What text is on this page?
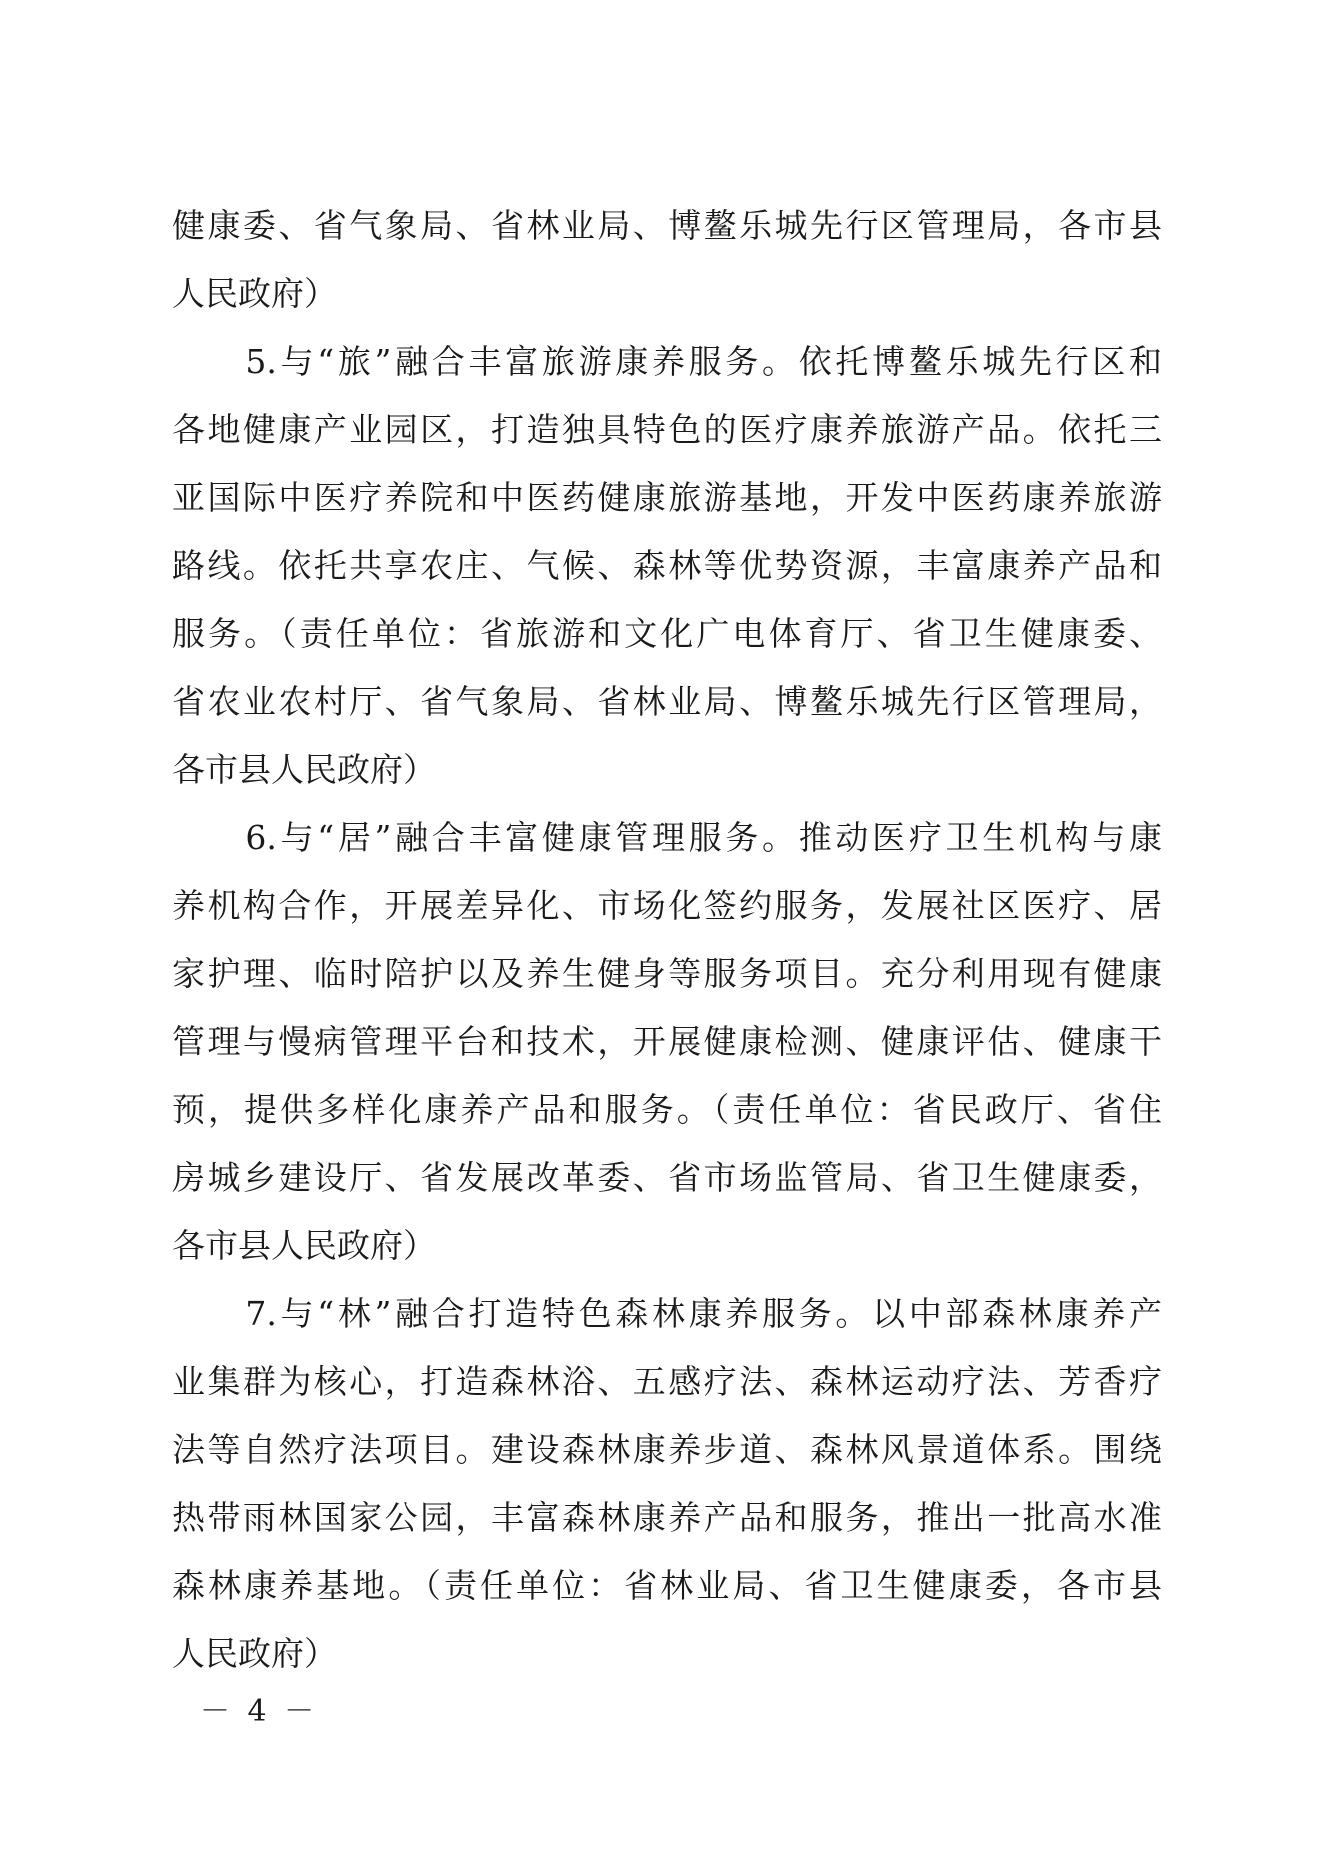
健康委、省气象局、省林业局、博鳌乐城先行区管理局，各市县
人民政府）
　　5.与“旅”融合丰富旅游康养服务。依托博鳌乐城先行区和
各地健康产业园区，打造独具特色的医疗康养旅游产品。依托三
亚国际中医疗养院和中医药健康旅游基地，开发中医药康养旅游
路线。依托共享农庄、气候、森林等优势资源，丰富康养产品和
服务。（责任单位：省旅游和文化广电体育厅、省卫生健康委、
省农业农村厅、省气象局、省林业局、博鳌乐城先行区管理局，
各市县人民政府）
　　6.与“居”融合丰富健康管理服务。推动医疗卫生机构与康
养机构合作，开展差异化、市场化签约服务，发展社区医疗、居
家护理、临时陪护以及养生健身等服务项目。充分利用现有健康
管理与慢病管理平台和技术，开展健康检测、健康评估、健康干
预，提供多样化康养产品和服务。（责任单位：省民政厅、省住
房城乡建设厅、省发展改革委、省市场监管局、省卫生健康委，
各市县人民政府）
　　7.与“林”融合打造特色森林康养服务。以中部森林康养产
业集群为核心，打造森林浴、五感疗法、森林运动疗法、芳香疗
法等自然疗法项目。建设森林康养步道、森林风景道体系。围绕
热带雨林国家公园，丰富森林康养产品和服务，推出一批高水准
森林康养基地。（责任单位：省林业局、省卫生健康委，各市县
人民政府）
－ 4 －
